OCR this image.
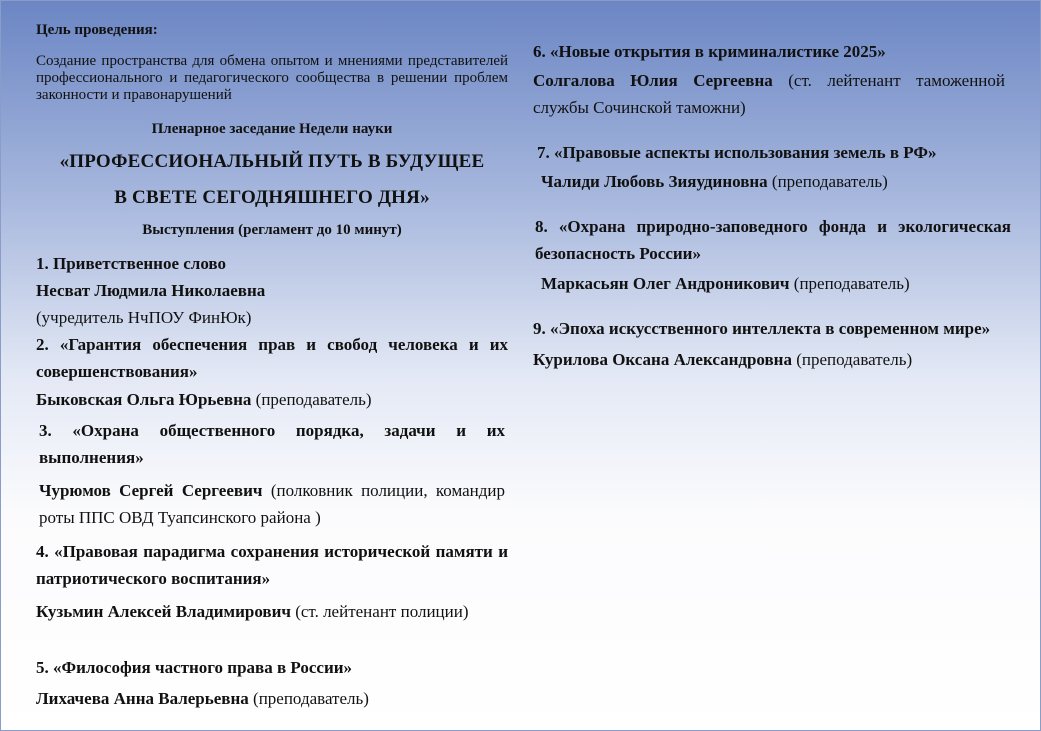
Цель проведения:
Создание пространства для обмена опытом и мнениями представителей профессионального и педагогического сообщества в решении проблем законности и правонарушений
Пленарное заседание Недели науки
«ПРОФЕССИОНАЛЬНЫЙ ПУТЬ В БУДУЩЕЕ
В СВЕТЕ СЕГОДНЯШНЕГО ДНЯ»
Выступления (регламент до 10 минут)
1. Приветственное слово
Несват Людмила Николаевна
(учредитель НчПОУ ФинЮк)
2. «Гарантия обеспечения прав и свобод человека и их совершенствования»
Быковская Ольга Юрьевна (преподаватель)
3. «Охрана общественного порядка, задачи и их выполнения»
Чурюмов Сергей Сергеевич (полковник полиции, командир роты ППС ОВД Туапсинского района )
4. «Правовая парадигма сохранения исторической памяти и патриотического воспитания»
Кузьмин Алексей Владимирович (ст. лейтенант полиции)
5. «Философия частного права в России»
Лихачева Анна Валерьевна (преподаватель)
6. «Новые открытия в криминалистике 2025»
Солгалова Юлия Сергеевна (ст. лейтенант таможенной службы Сочинской таможни)
7. «Правовые аспекты использования земель в РФ»
Чалиди Любовь Зияудиновна (преподаватель)
8. «Охрана природно-заповедного фонда и экологическая безопасность России»
Маркасьян Олег Андроникович (преподаватель)
9. «Эпоха искусственного интеллекта в современном мире»
Курилова Оксана Александровна (преподаватель)
